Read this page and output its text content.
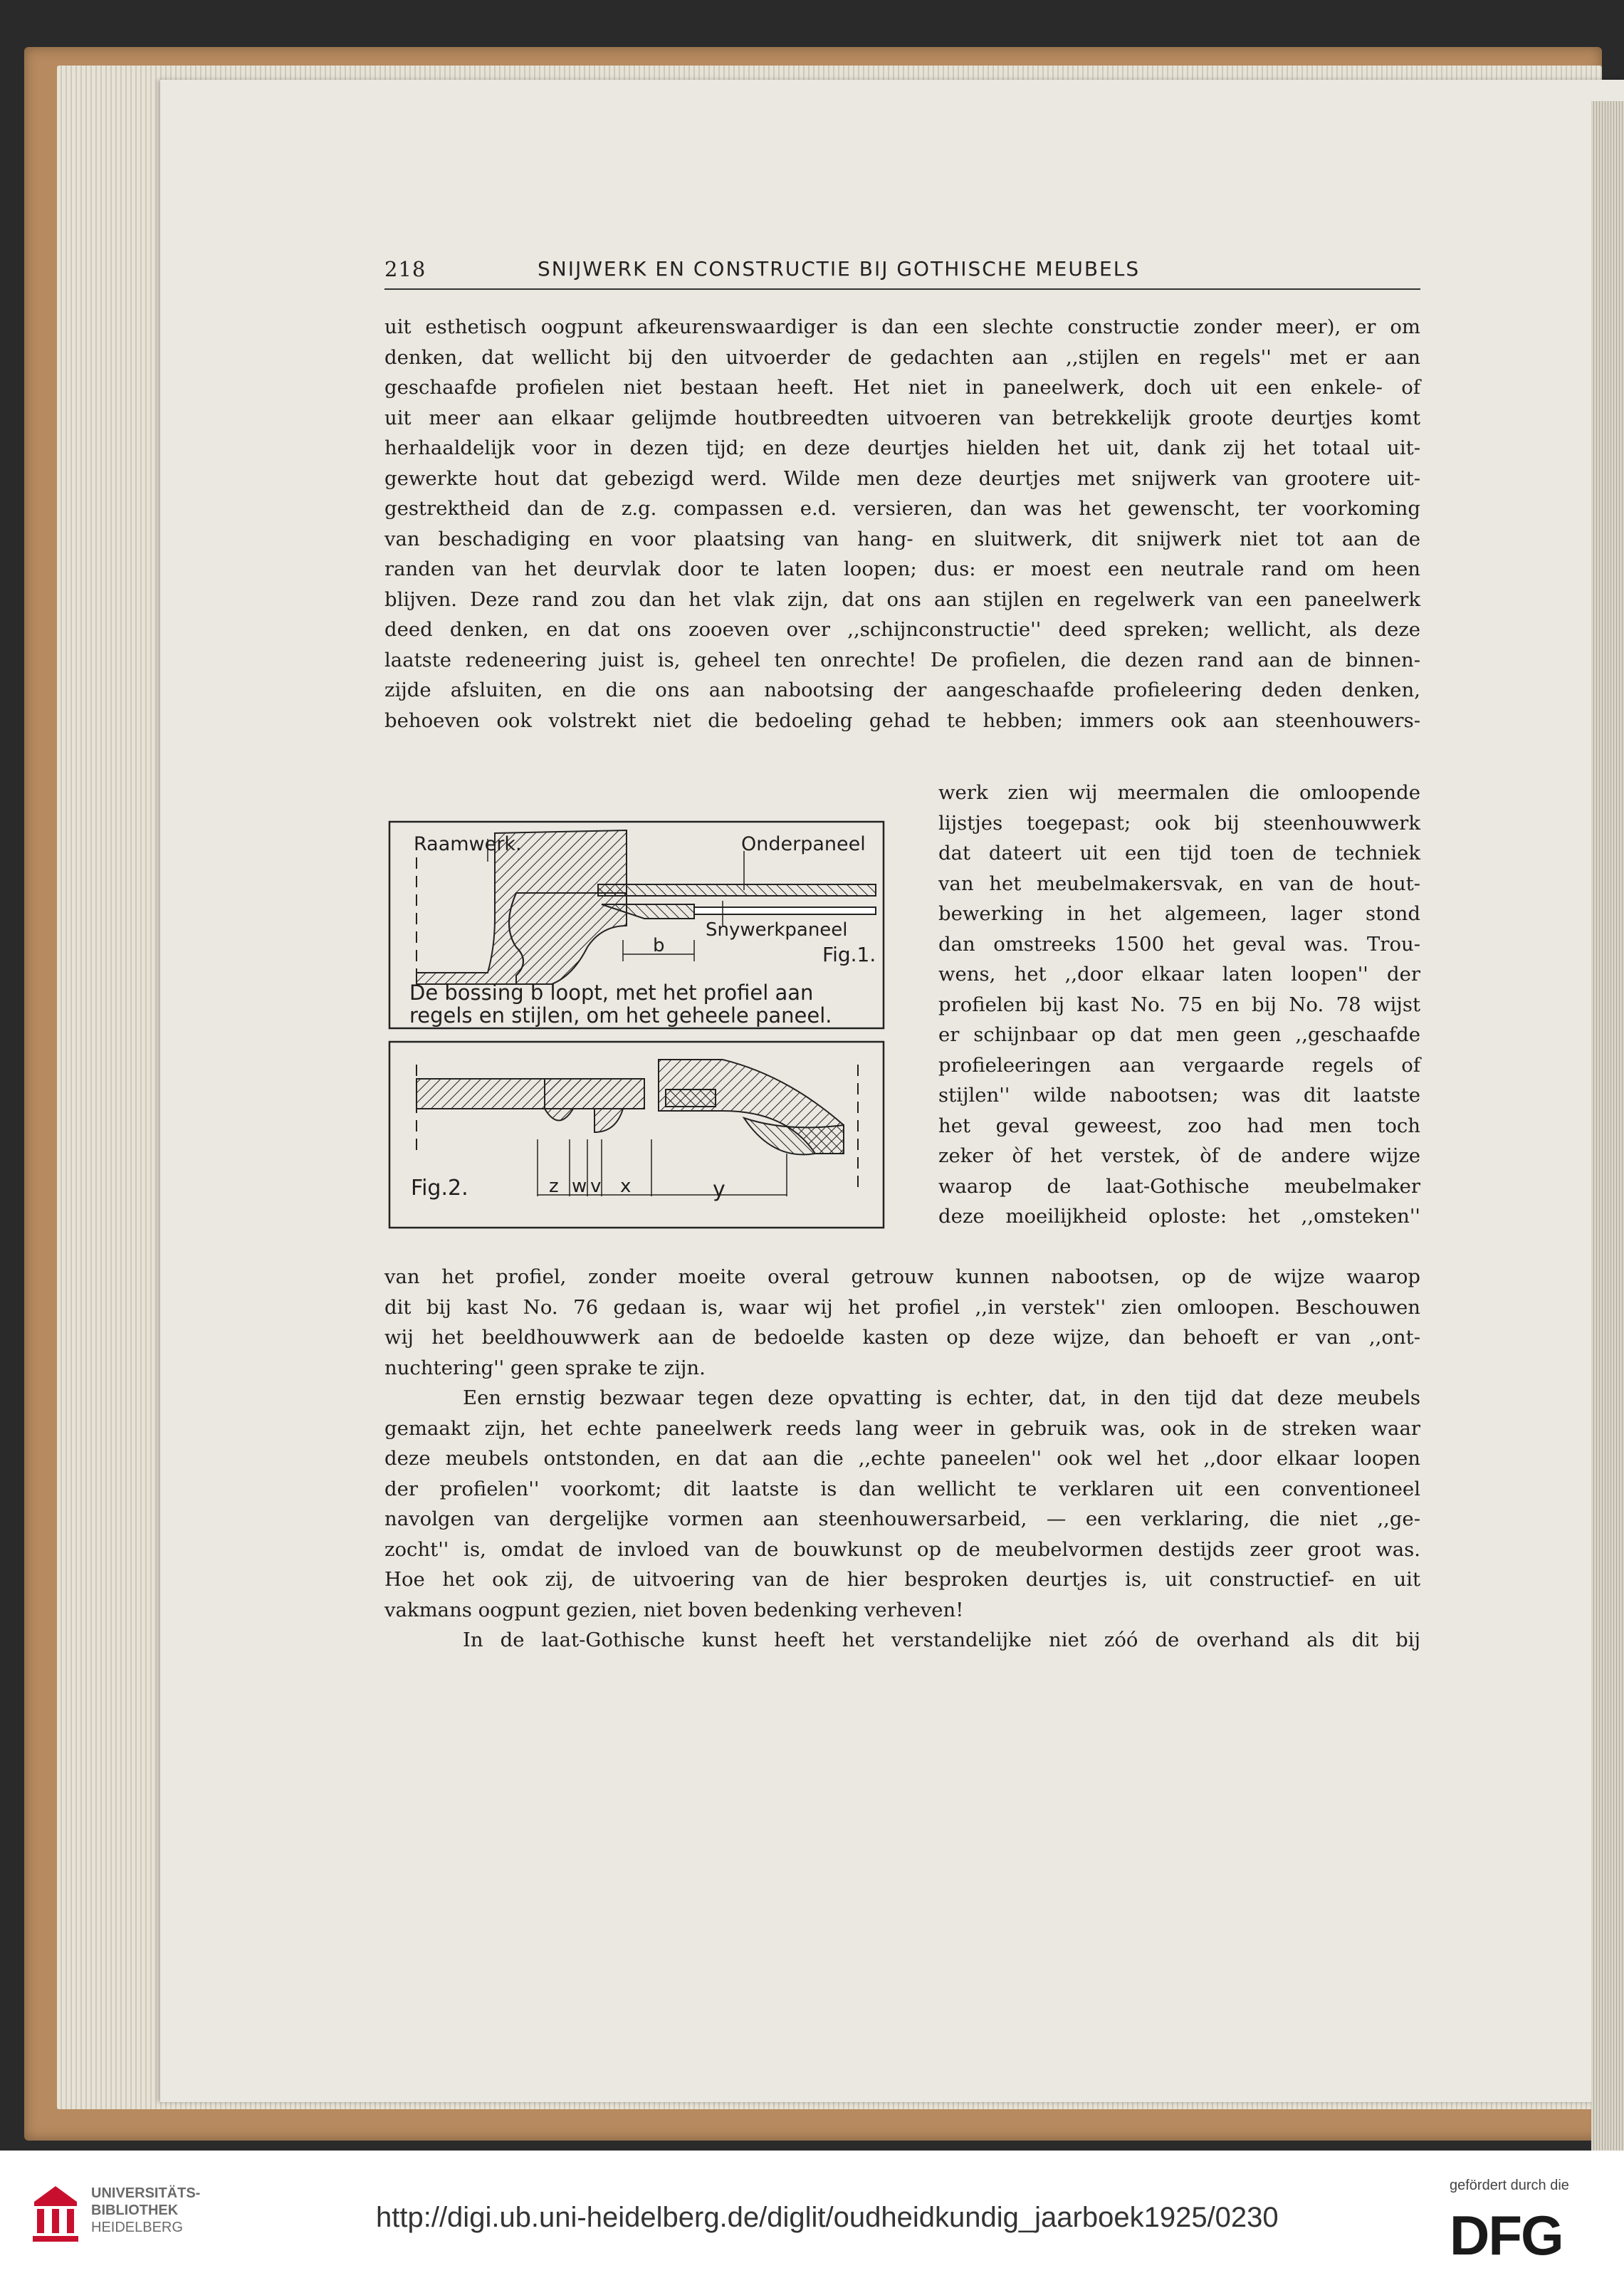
218	SNIJWERK EN CONSTRUCTIE BIJ GOTHISCHE MEUBELS
uit esthetisch oogpunt afkeurenswaardiger is dan een slechte constructie zonder meer), er om
denken, dat wellicht bij den uitvoerder de gedachten aan ,,stijlen en regels'' met er aan
geschaafde profielen niet bestaan heeft. Het niet in paneelwerk, doch uit een enkele- of
uit meer aan elkaar gelijmde houtbreedten uitvoeren van betrekkelijk groote deurtjes komt
herhaaldelijk voor in dezen tijd; en deze deurtjes hielden het uit, dank zij het totaal uit-
gewerkte hout dat gebezigd werd. Wilde men deze deurtjes met snijwerk van grootere uit-
gestrektheid dan de z.g. compassen e.d. versieren, dan was het gewenscht, ter voorkoming
van beschadiging en voor plaatsing van hang- en sluitwerk, dit snijwerk niet tot aan de
randen van het deurvlak door te laten loopen; dus: er moest een neutrale rand om heen
blijven. Deze rand zou dan het vlak zijn, dat ons aan stijlen en regelwerk van een paneelwerk
deed denken, en dat ons zooeven over ,,schijnconstructie'' deed spreken; wellicht, als deze
laatste redeneering juist is, geheel ten onrechte! De profielen, die dezen rand aan de binnen-
zijde afsluiten, en die ons aan nabootsing der aangeschaafde profieleering deden denken,
behoeven ook volstrekt niet die bedoeling gehad te hebben; immers ook aan steenhouwers-
Raamwerk.	Onderpaneel
Snywerkpaneel
b	Fig.1.
De bossing b loopt, met het profiel aan
regels en stijlen, om het geheele paneel.
Fig.2.	z w v x	y
werk zien wij meermalen die omloopende
lijstjes toegepast; ook bij steenhouwwerk
dat dateert uit een tijd toen de techniek
van het meubelmakersvak, en van de hout-
bewerking in het algemeen, lager stond
dan omstreeks 1500 het geval was. Trou-
wens, het ,,door elkaar laten loopen'' der
profielen bij kast No. 75 en bij No. 78 wijst
er schijnbaar op dat men geen ,,geschaafde
profieleeringen aan vergaarde regels of
stijlen'' wilde nabootsen; was dit laatste
het geval geweest, zoo had men toch
zeker òf het verstek, òf de andere wijze
waarop de laat-Gothische meubelmaker
deze moeilijkheid oploste: het ,,omsteken''
van het profiel, zonder moeite overal getrouw kunnen nabootsen, op de wijze waarop
dit bij kast No. 76 gedaan is, waar wij het profiel ,,in verstek'' zien omloopen. Beschouwen
wij het beeldhouwwerk aan de bedoelde kasten op deze wijze, dan behoeft er van ,,ont-
nuchtering'' geen sprake te zijn.
Een ernstig bezwaar tegen deze opvatting is echter, dat, in den tijd dat deze meubels
gemaakt zijn, het echte paneelwerk reeds lang weer in gebruik was, ook in de streken waar
deze meubels ontstonden, en dat aan die ,,echte paneelen'' ook wel het ,,door elkaar loopen
der profielen'' voorkomt; dit laatste is dan wellicht te verklaren uit een conventioneel
navolgen van dergelijke vormen aan steenhouwersarbeid, — een verklaring, die niet ,,ge-
zocht'' is, omdat de invloed van de bouwkunst op de meubelvormen destijds zeer groot was.
Hoe het ook zij, de uitvoering van de hier besproken deurtjes is, uit constructief- en uit
vakmans oogpunt gezien, niet boven bedenking verheven!
In de laat-Gothische kunst heeft het verstandelijke niet zóó de overhand als dit bij
UNIVERSITÄTS-
BIBLIOTHEK
HEIDELBERG	http://digi.ub.uni-heidelberg.de/diglit/oudheidkundig_jaarboek1925/0230
gefördert durch die
DFG
